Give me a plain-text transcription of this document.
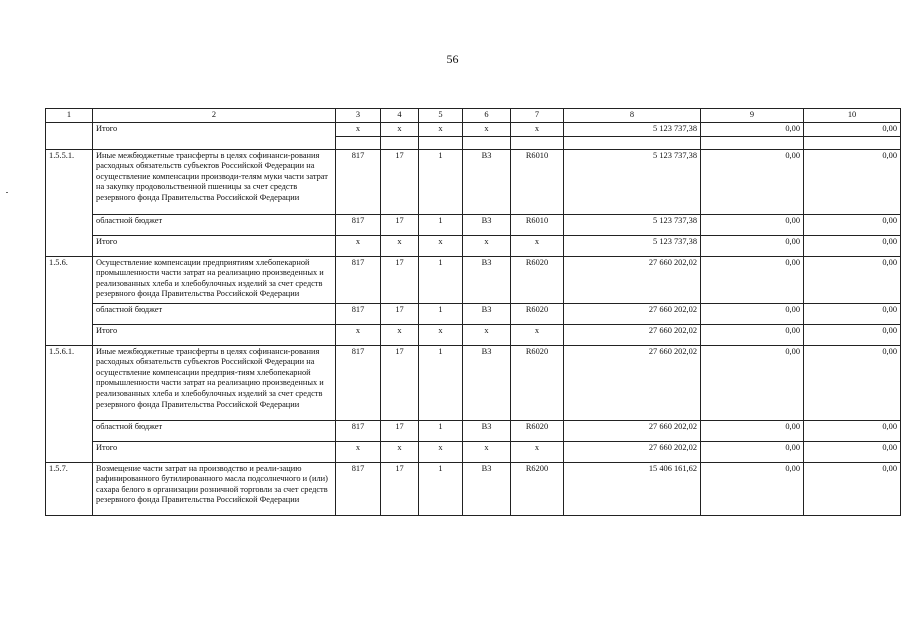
56
1	2	3	4	5	6	7	8	9	10
	Итого	x	x	x	x	x	5 123 737,38	0,00	0,00

1.5.5.1.	Иные межбюджетные трансферты в целях софинанси-рования расходных обязательств субъектов Российской Федерации на осуществление компенсации производи-телям муки части затрат на закупку продовольственной пшеницы за счет средств резервного фонда Правительства Российской Федерации	817	17	1	В3	R6010	5 123 737,38	0,00	0,00
	областной бюджет	817	17	1	В3	R6010	5 123 737,38	0,00	0,00
	Итого	x	x	x	x	x	5 123 737,38	0,00	0,00
1.5.6.	Осуществление компенсации предприятиям хлебопекарной промышленности части затрат на реализацию произведенных и реализованных хлеба и хлебобулочных изделий за счет средств резервного фонда Правительства Российской Федерации	817	17	1	В3	R6020	27 660 202,02	0,00	0,00
	областной бюджет	817	17	1	В3	R6020	27 660 202,02	0,00	0,00
	Итого	x	x	x	x	x	27 660 202,02	0,00	0,00
1.5.6.1.	Иные межбюджетные трансферты в целях софинанси-рования расходных обязательств субъектов Российской Федерации на осуществление компенсации предприя-тиям хлебопекарной промышленности части затрат на реализацию произведенных и реализованных хлеба и хлебобулочных изделий за счет средств резервного фонда Правительства Российской Федерации	817	17	1	В3	R6020	27 660 202,02	0,00	0,00
	областной бюджет	817	17	1	В3	R6020	27 660 202,02	0,00	0,00
	Итого	x	x	x	x	x	27 660 202,02	0,00	0,00
1.5.7.	Возмещение части затрат на производство и реали-зацию рафинированного бутилированного масла подсолнечного и (или) сахара белого в организации розничной торговли за счет средств резервного фонда Правительства Российской Федерации	817	17	1	В3	R6200	15 406 161,62	0,00	0,00
